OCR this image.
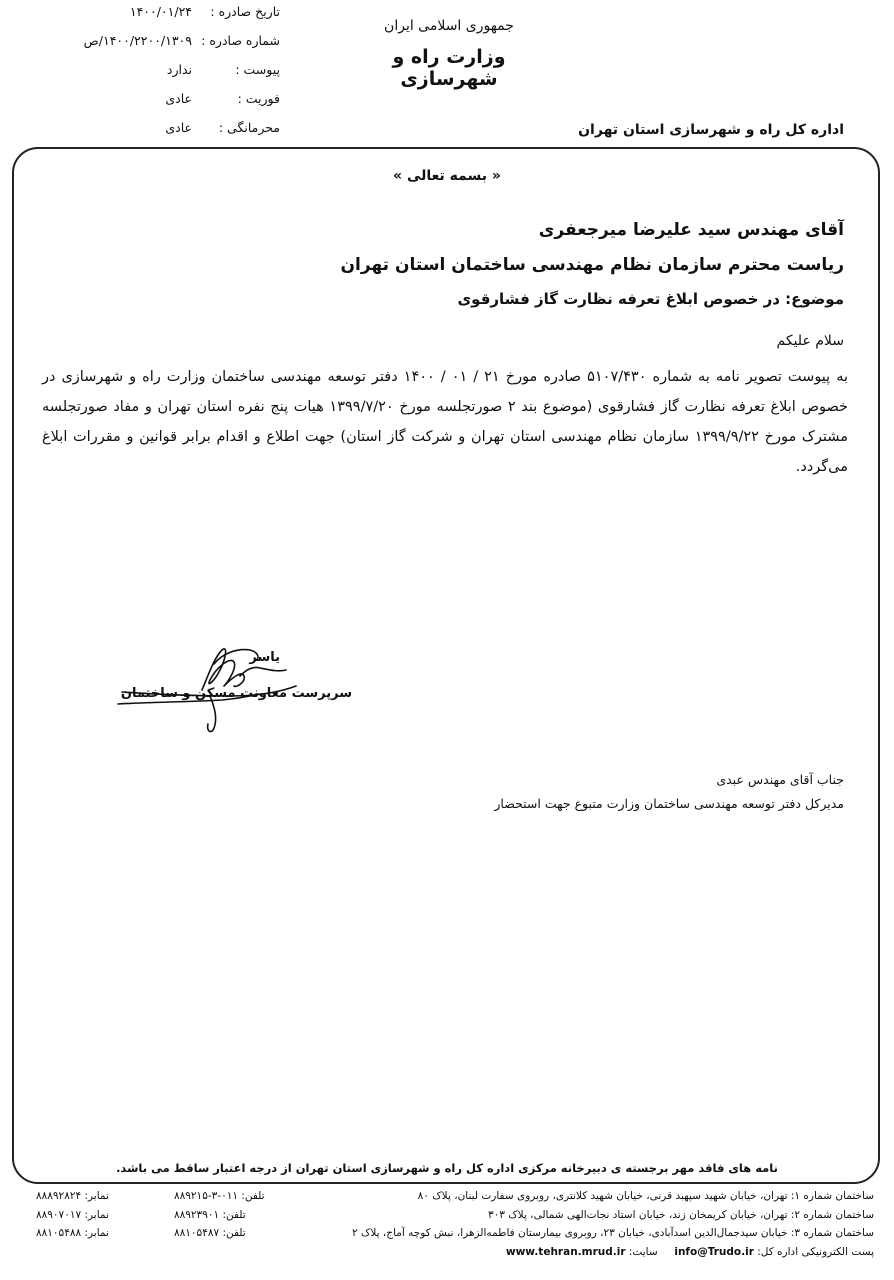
جمهوری اسلامی ایران
وزارت راه و شهرسازی
اداره کل راه و شهرسازی استان تهران
تاریخ صادره :
۱۴۰۰/۰۱/۲۴
شماره صادره :
۱۴۰۰/۲۲۰۰/۱۳۰۹/ص
پیوست :
ندارد
فوریت :
عادی
محرمانگی :
عادی
« بسمه تعالی »
آقای مهندس سید علیرضا میرجعفری
ریاست محترم سازمان نظام مهندسی ساختمان استان تهران
موضوع: در خصوص ابلاغ تعرفه نظارت گاز فشارقوی
سلام علیکم
به پیوست تصویر نامه به شماره ۵۱۰۷/۴۳۰ صادره مورخ ۲۱ / ۰۱ / ۱۴۰۰ دفتر توسعه مهندسی ساختمان وزارت راه و شهرسازی در خصوص ابلاغ تعرفه نظارت گاز فشارقوی (موضوع بند ۲ صورتجلسه مورخ ۱۳۹۹/۷/۲۰ هیات پنج نفره استان تهران و مفاد صورتجلسه مشترک مورخ ۱۳۹۹/۹/۲۲ سازمان نظام مهندسی استان تهران و شرکت گاز استان) جهت اطلاع و اقدام برابر قوانین و مقررات ابلاغ می‌گردد.
یاسر
سرپرست معاونت مسکن و ساختمان
جناب آقای مهندس عبدی
مدیرکل دفتر توسعه مهندسی ساختمان وزارت متبوع جهت استحضار
نامه های فاقد مهر برجسته ی دبیرخانه مرکزی اداره کل راه و شهرسازی استان تهران از درجه اعتبار ساقط می باشد.
ساختمان شماره ۱: تهران، خیابان شهید سپهبد قرنی، خیابان شهید کلانتری، روبروی سفارت لبنان، پلاک ۸۰
تلفن: ۰۱۱-۳-۸۸۹۲۱۵
نمابر: ۸۸۸۹۲۸۲۴
ساختمان شماره ۲: تهران، خیابان کریمخان زند، خیابان استاد نجات‌الهی شمالی، پلاک ۳۰۳
تلفن: ۸۸۹۲۳۹۰۱
نمابر: ۸۸۹۰۷۰۱۷
ساختمان شماره ۳: خیابان سیدجمال‌الدین اسدآبادی، خیابان ۲۳، روبروی بیمارستان فاطمه‌الزهرا، نبش کوچه آماج، پلاک ۲
تلفن: ۸۸۱۰۵۴۸۷
نمابر: ۸۸۱۰۵۴۸۸
پست الکترونیکی اداره کل: info@Trudo.ir     سایت: www.tehran.mrud.ir
